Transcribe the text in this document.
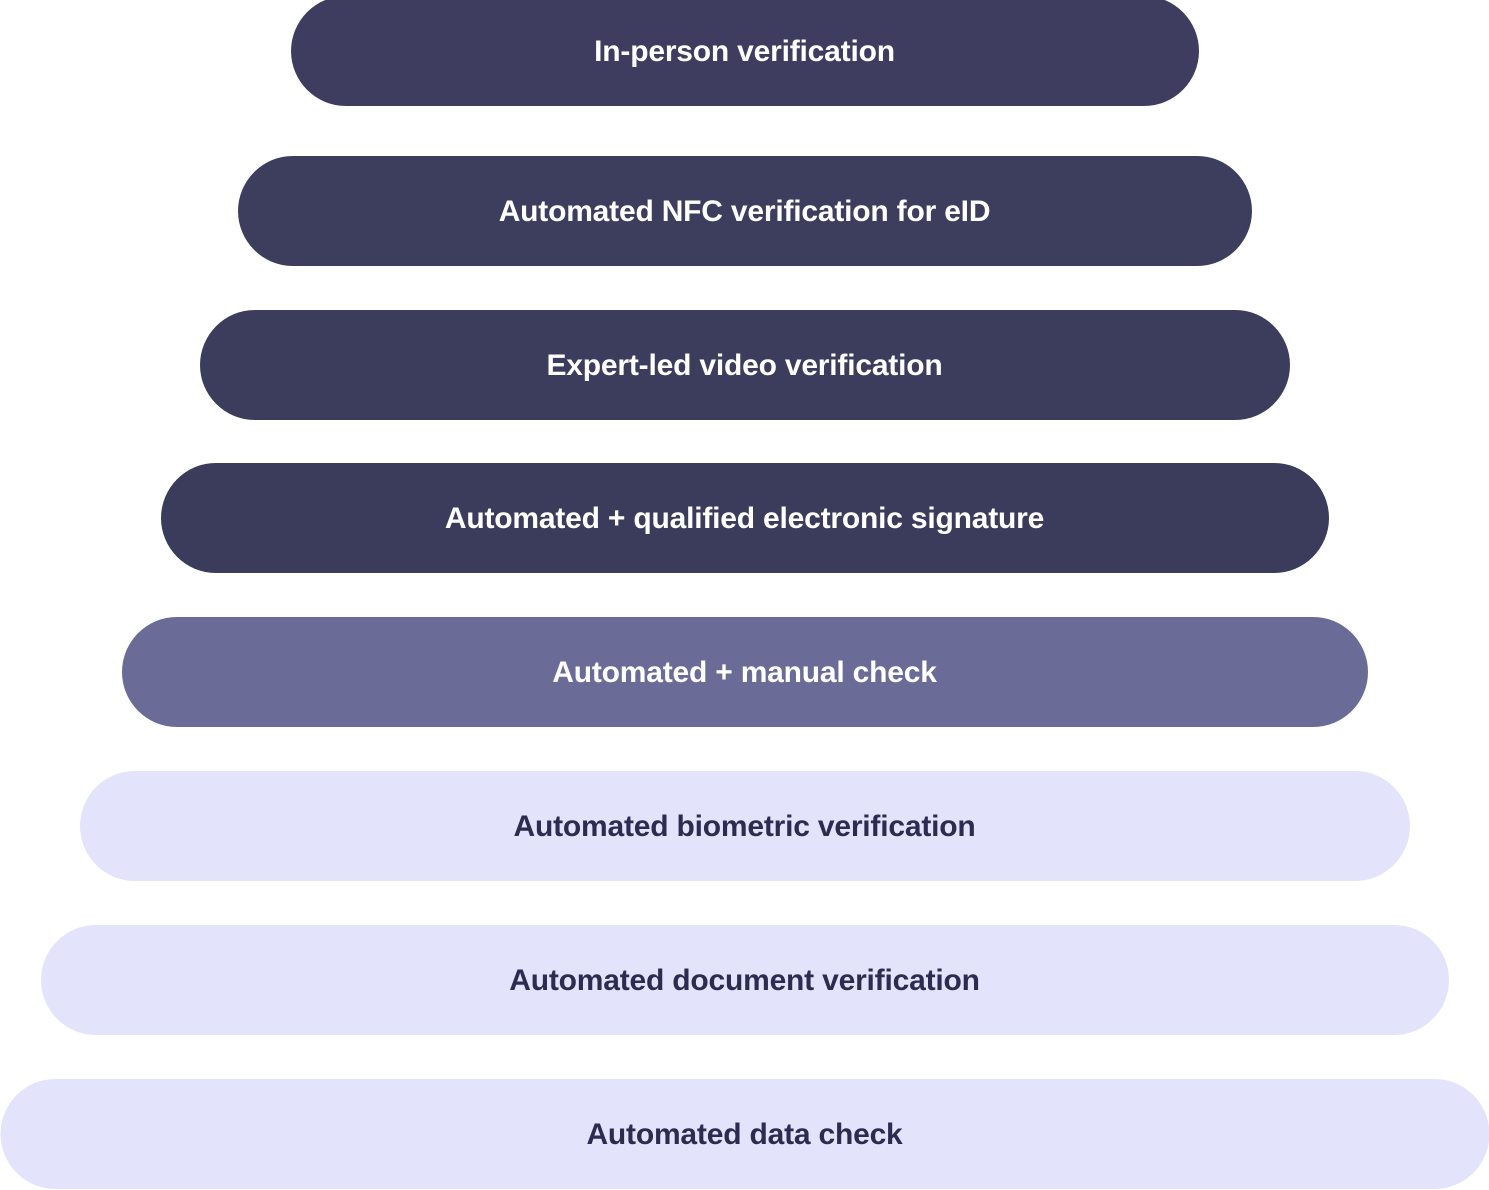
In-person verification
Automated NFC verification for eID
Expert-led video verification
Automated + qualified electronic signature
Automated + manual check
Automated biometric verification
Automated document verification
Automated data check
